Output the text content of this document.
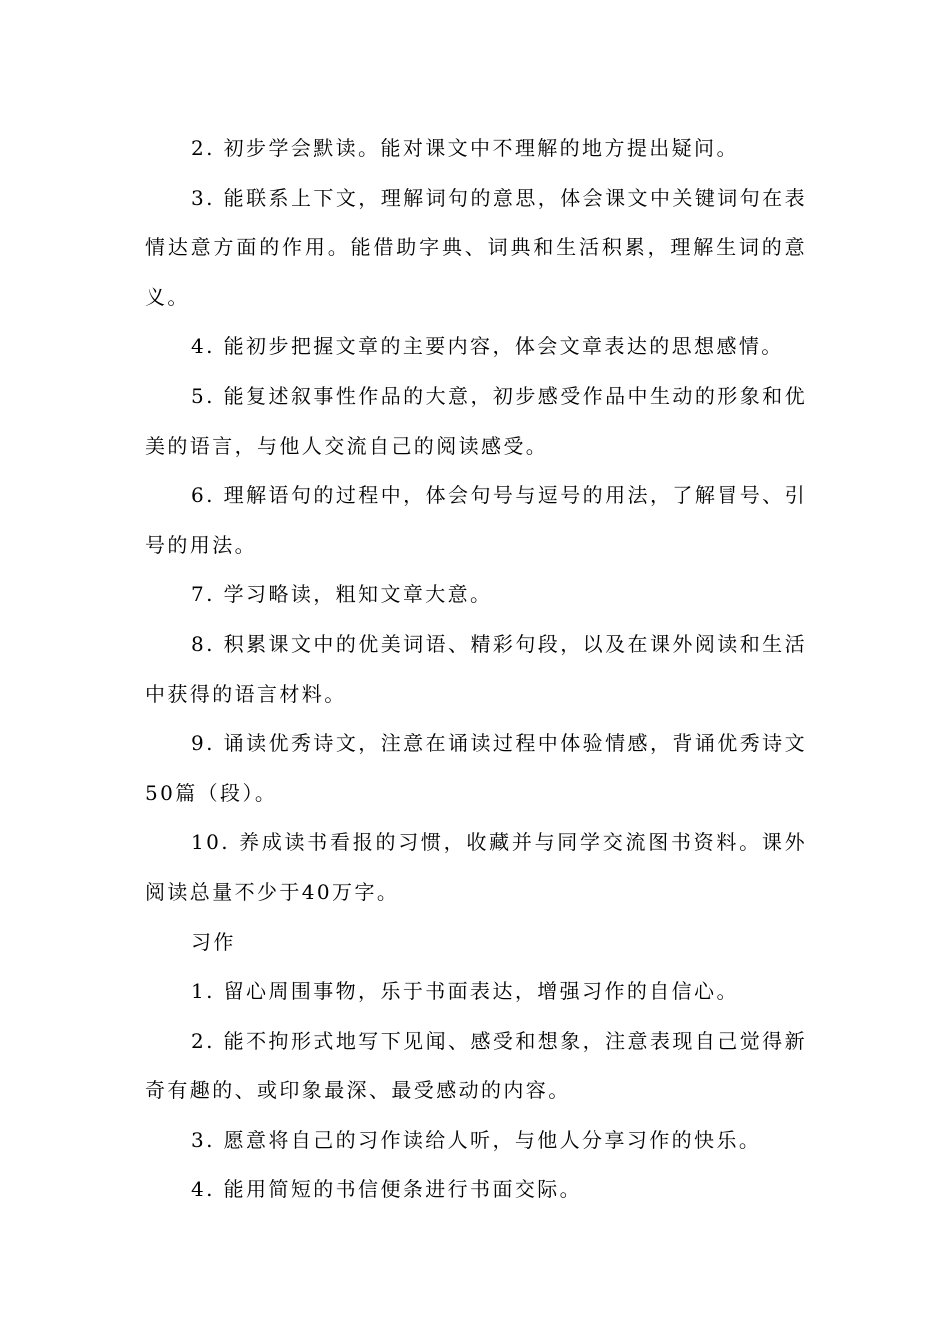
2. 初步学会默读。能对课文中不理解的地方提出疑问。

3. 能联系上下文，理解词句的意思，体会课文中关键词句在表情达意方面的作用。能借助字典、词典和生活积累，理解生词的意义。

4. 能初步把握文章的主要内容，体会文章表达的思想感情。

5. 能复述叙事性作品的大意，初步感受作品中生动的形象和优美的语言，与他人交流自己的阅读感受。

6. 理解语句的过程中，体会句号与逗号的用法，了解冒号、引号的用法。

7. 学习略读，粗知文章大意。

8. 积累课文中的优美词语、精彩句段，以及在课外阅读和生活中获得的语言材料。

9. 诵读优秀诗文，注意在诵读过程中体验情感，背诵优秀诗文50篇（段）。

10. 养成读书看报的习惯，收藏并与同学交流图书资料。课外阅读总量不少于40万字。

习作

1. 留心周围事物，乐于书面表达，增强习作的自信心。

2. 能不拘形式地写下见闻、感受和想象，注意表现自己觉得新奇有趣的、或印象最深、最受感动的内容。

3. 愿意将自己的习作读给人听，与他人分享习作的快乐。

4. 能用简短的书信便条进行书面交际。
